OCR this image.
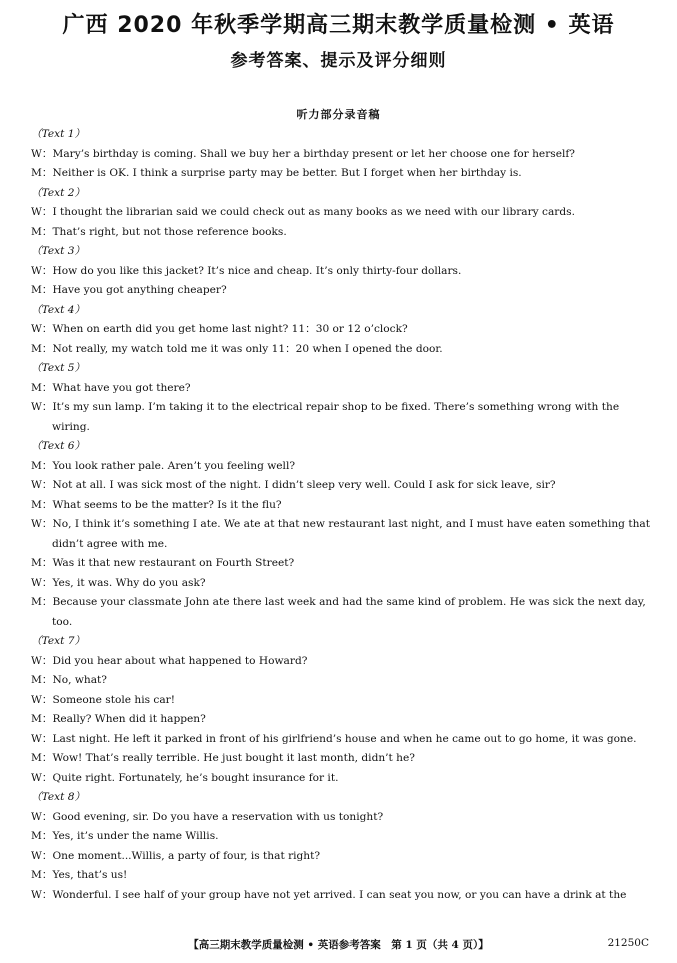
广西 2020 年秋季学期高三期末教学质量检测 • 英语
参考答案、提示及评分细则
听力部分录音稿
（Text 1）
W：Mary’s birthday is coming. Shall we buy her a birthday present or let her choose one for herself?
M：Neither is OK. I think a surprise party may be better. But I forget when her birthday is.
（Text 2）
W：I thought the librarian said we could check out as many books as we need with our library cards.
M：That’s right, but not those reference books.
（Text 3）
W：How do you like this jacket? It’s nice and cheap. It’s only thirty-four dollars.
M：Have you got anything cheaper?
（Text 4）
W：When on earth did you get home last night? 11：30 or 12 o’clock?
M：Not really, my watch told me it was only 11：20 when I opened the door.
（Text 5）
M：What have you got there?
W：It’s my sun lamp. I’m taking it to the electrical repair shop to be fixed. There’s something wrong with the wiring.
（Text 6）
M：You look rather pale. Aren’t you feeling well?
W：Not at all. I was sick most of the night. I didn’t sleep very well. Could I ask for sick leave, sir?
M：What seems to be the matter? Is it the flu?
W：No, I think it’s something I ate. We ate at that new restaurant last night, and I must have eaten something that didn’t agree with me.
M：Was it that new restaurant on Fourth Street?
W：Yes, it was. Why do you ask?
M：Because your classmate John ate there last week and had the same kind of problem. He was sick the next day, too.
（Text 7）
W：Did you hear about what happened to Howard?
M：No, what?
W：Someone stole his car!
M：Really? When did it happen?
W：Last night. He left it parked in front of his girlfriend’s house and when he came out to go home, it was gone.
M：Wow! That’s really terrible. He just bought it last month, didn’t he?
W：Quite right. Fortunately, he’s bought insurance for it.
（Text 8）
W：Good evening, sir. Do you have a reservation with us tonight?
M：Yes, it’s under the name Willis.
W：One moment...Willis, a party of four, is that right?
M：Yes, that’s us!
W：Wonderful. I see half of your group have not yet arrived. I can seat you now, or you can have a drink at the
【高三期末教学质量检测 • 英语参考答案　第 1 页（共 4 页）】	21250C
